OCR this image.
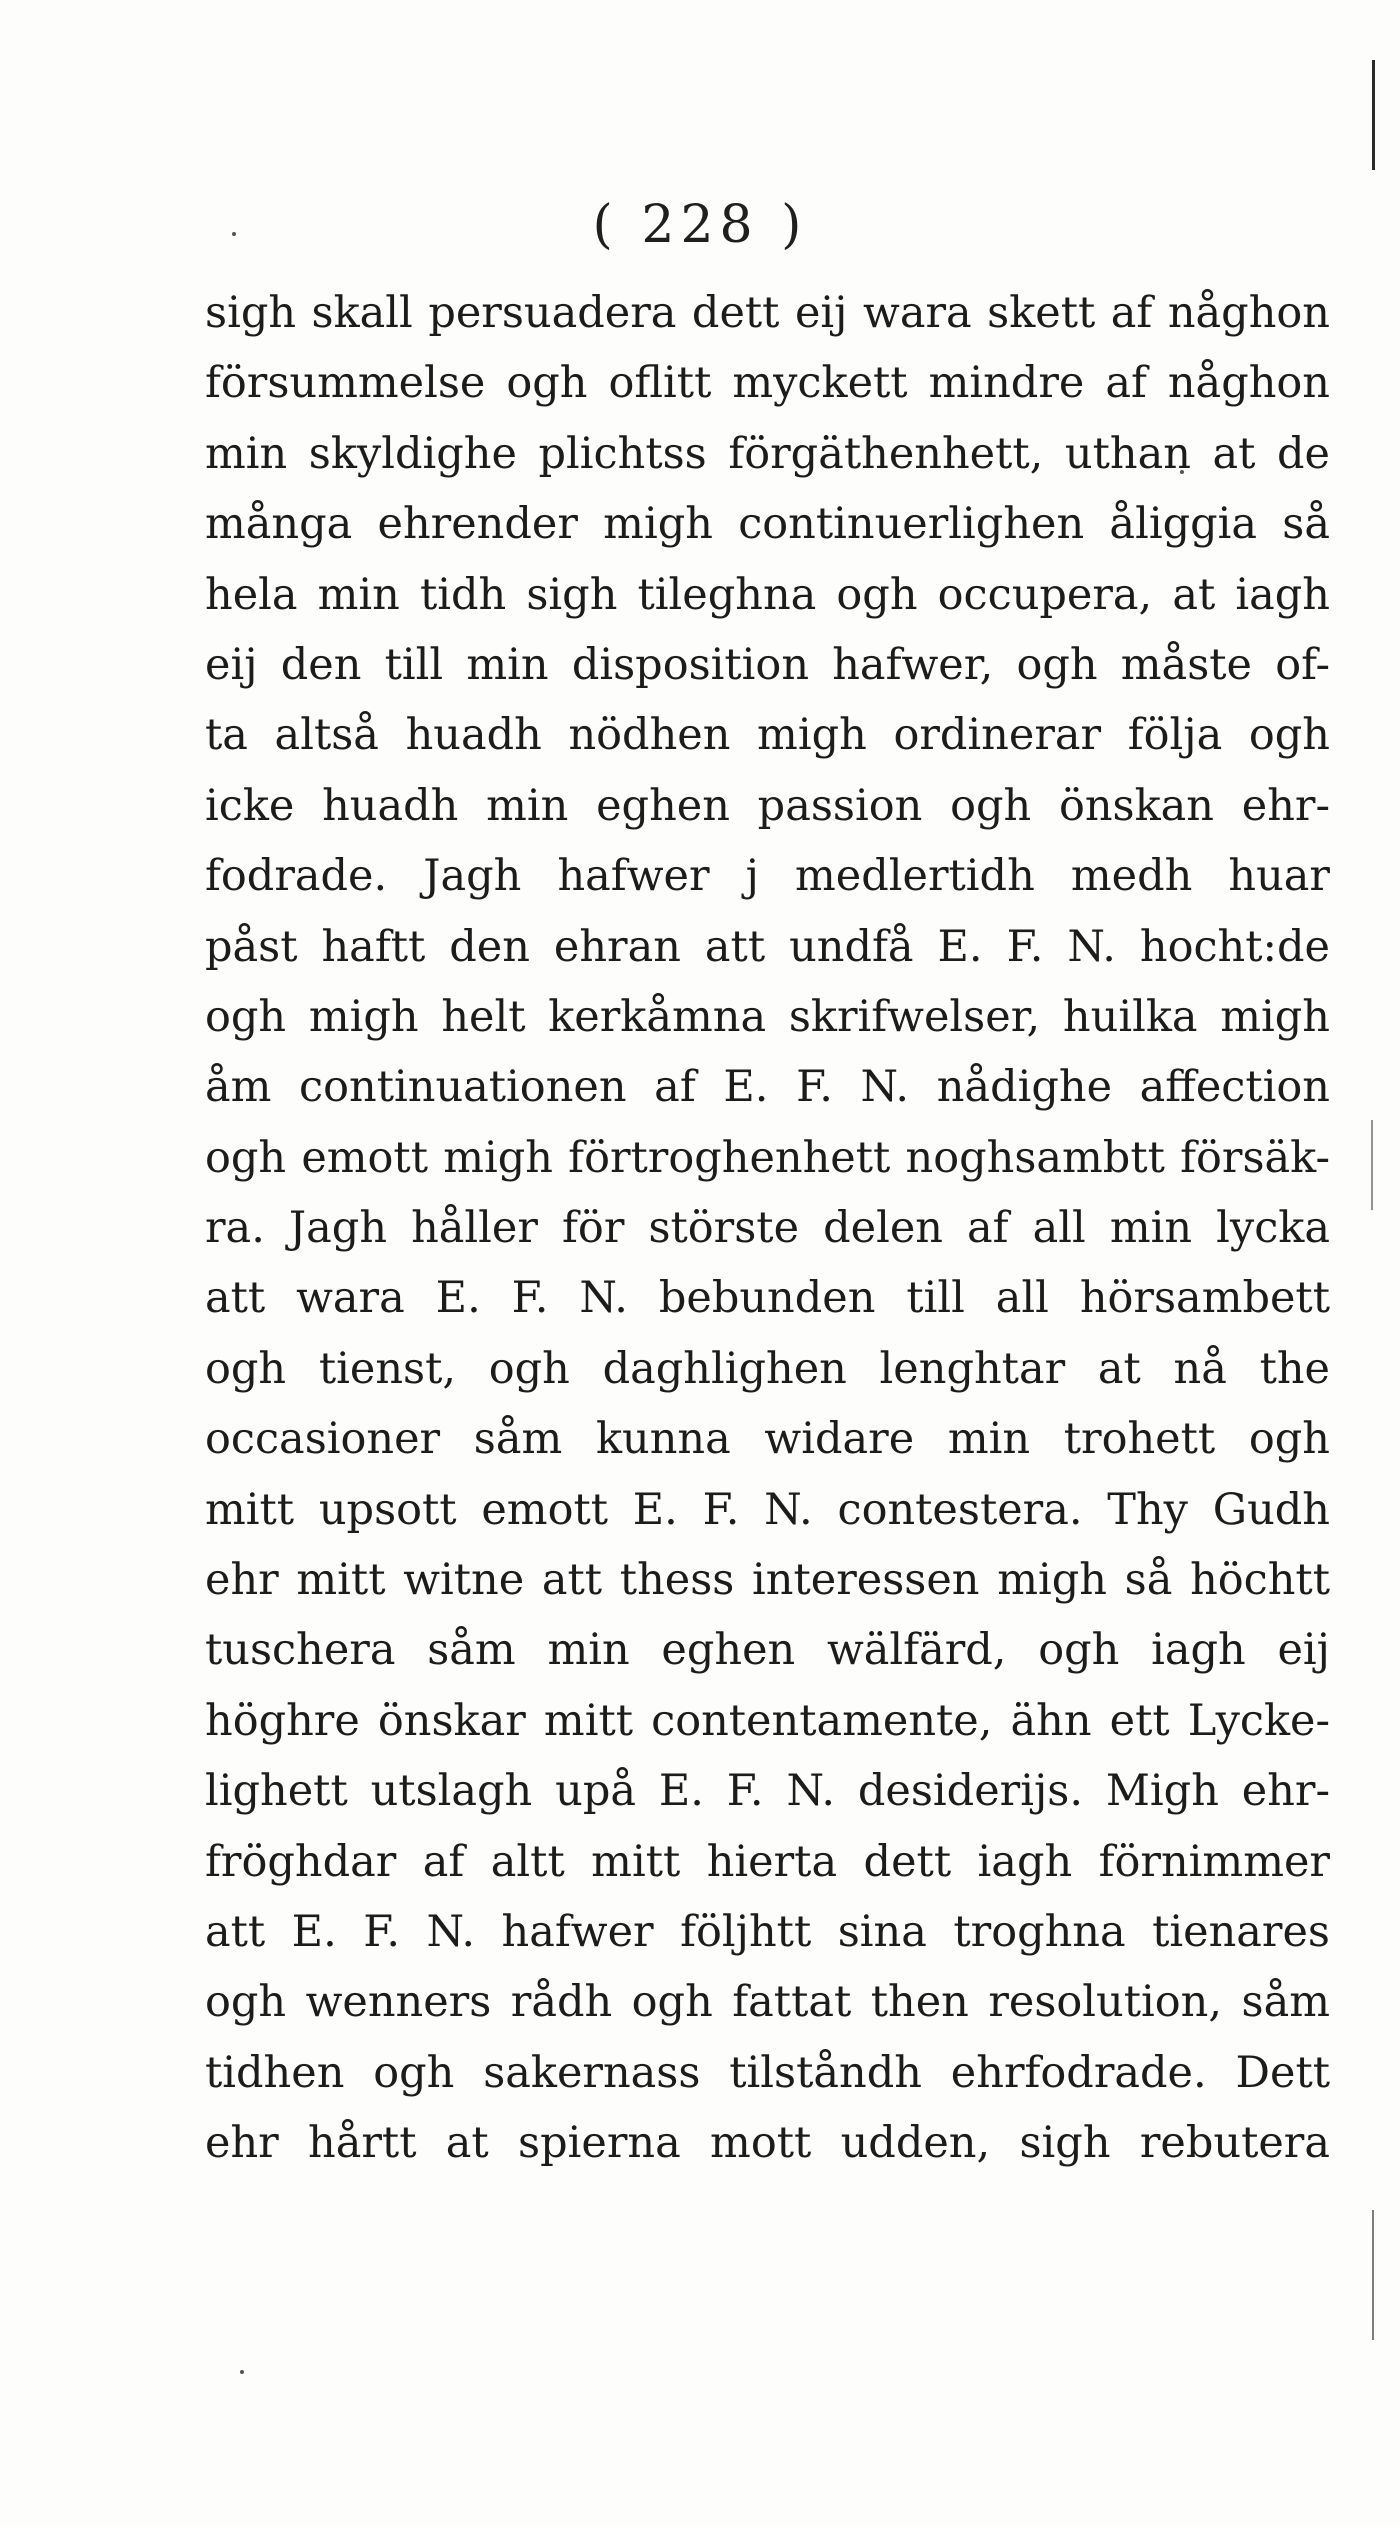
( 228 )
sigh skall persuadera dett eij wara skett af någhon
försummelse ogh oflitt myckett mindre af någhon
min skyldighe plichtss förgäthenhett, uthan at de
många ehrender migh continuerlighen åliggia så
hela min tidh sigh tileghna ogh occupera, at iagh
eij den till min disposition hafwer, ogh måste of-
ta altså huadh nödhen migh ordinerar följa ogh
icke huadh min eghen passion ogh önskan ehr-
fodrade. Jagh hafwer j medlertidh medh huar
påst haftt den ehran att undfå E. F. N. hocht:de
ogh migh helt kerkåmna skrifwelser, huilka migh
åm continuationen af E. F. N. nådighe affection
ogh emott migh förtroghenhett noghsambtt försäk-
ra. Jagh håller för störste delen af all min lycka
att wara E. F. N. bebunden till all hörsambett
ogh tienst, ogh daghlighen lenghtar at nå the
occasioner såm kunna widare min trohett ogh
mitt upsott emott E. F. N. contestera. Thy Gudh
ehr mitt witne att thess interessen migh så höchtt
tuschera såm min eghen wälfärd, ogh iagh eij
höghre önskar mitt contentamente, ähn ett Lycke-
lighett utslagh upå E. F. N. desiderijs. Migh ehr-
fröghdar af altt mitt hierta dett iagh förnimmer
att E. F. N. hafwer följhtt sina troghna tienares
ogh wenners rådh ogh fattat then resolution, såm
tidhen ogh sakernass tilståndh ehrfodrade. Dett
ehr hårtt at spierna mott udden, sigh rebutera
